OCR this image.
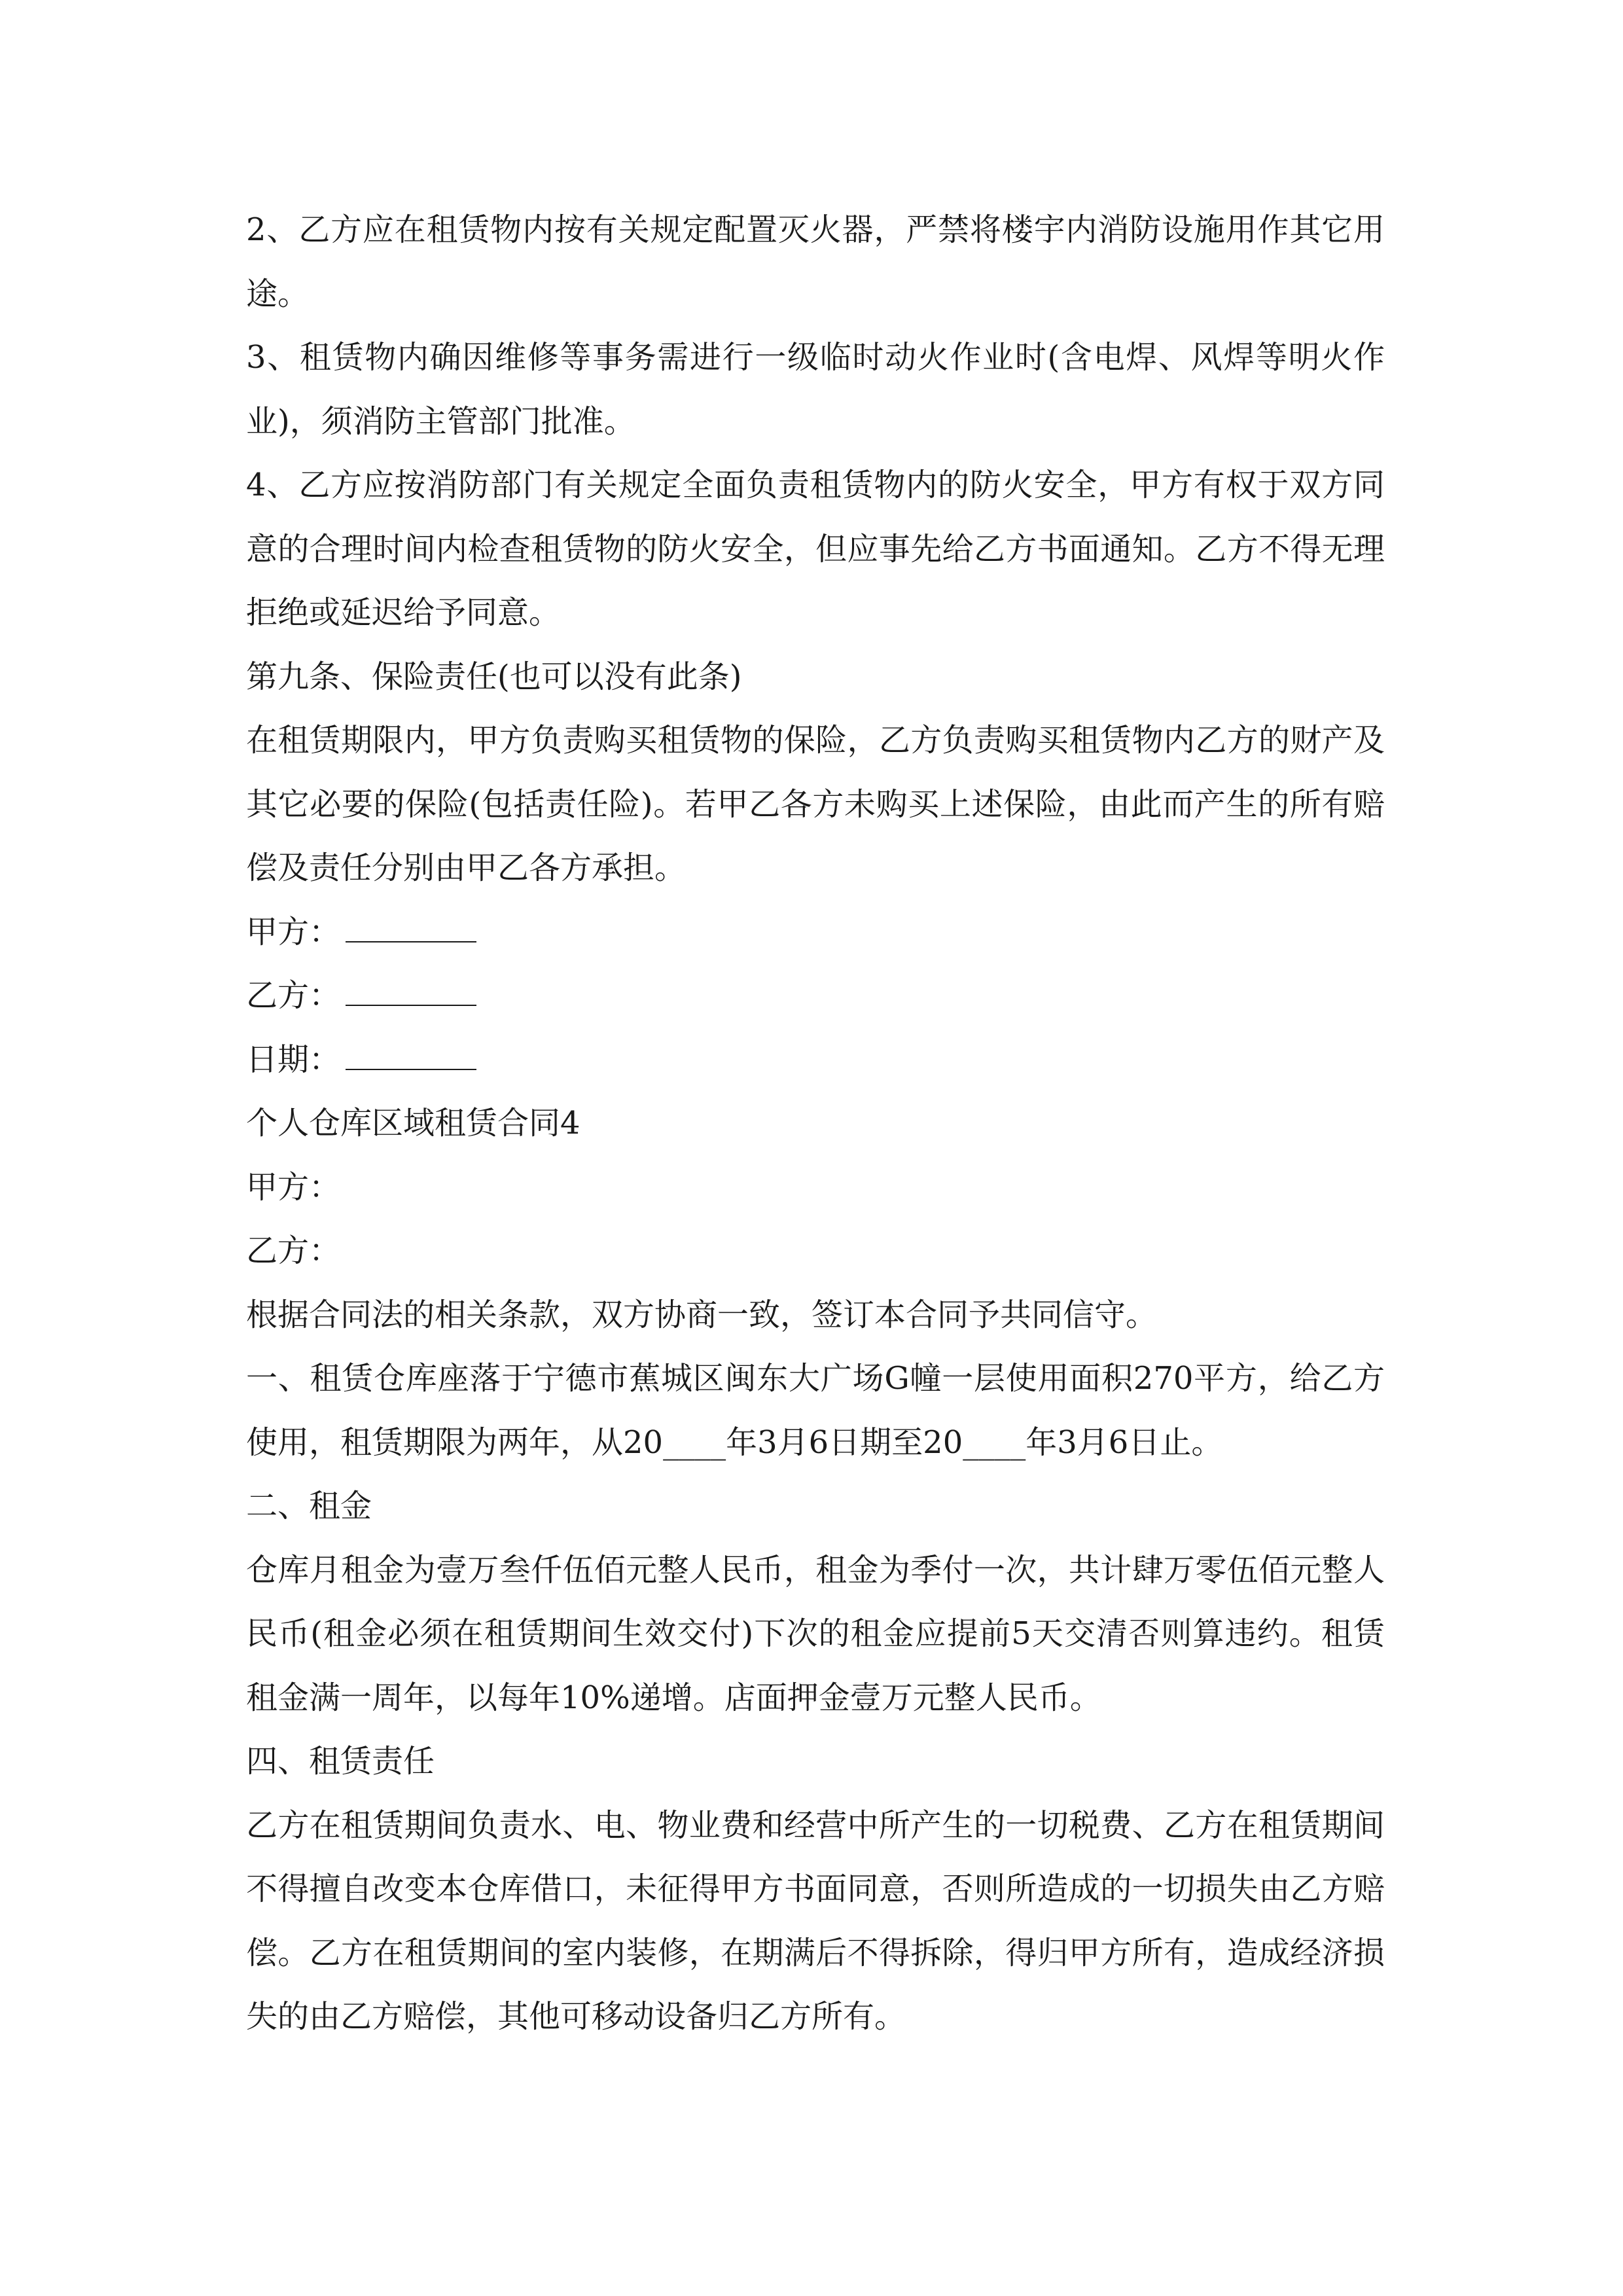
2、乙方应在租赁物内按有关规定配置灭火器，严禁将楼宇内消防设施用作其它用途。

3、租赁物内确因维修等事务需进行一级临时动火作业时(含电焊、风焊等明火作业)，须消防主管部门批准。

4、乙方应按消防部门有关规定全面负责租赁物内的防火安全，甲方有权于双方同意的合理时间内检查租赁物的防火安全，但应事先给乙方书面通知。乙方不得无理拒绝或延迟给予同意。

第九条、保险责任(也可以没有此条)

在租赁期限内，甲方负责购买租赁物的保险，乙方负责购买租赁物内乙方的财产及其它必要的保险(包括责任险)。若甲乙各方未购买上述保险，由此而产生的所有赔偿及责任分别由甲乙各方承担。

甲方：

乙方：

日期：

个人仓库区域租赁合同4

甲方：

乙方：

根据合同法的相关条款，双方协商一致，签订本合同予共同信守。

一、租赁仓库座落于宁德市蕉城区闽东大广场G幢一层使用面积270平方，给乙方使用，租赁期限为两年，从20____年3月6日期至20____年3月6日止。

二、租金

仓库月租金为壹万叁仟伍佰元整人民币，租金为季付一次，共计肆万零伍佰元整人民币(租金必须在租赁期间生效交付)下次的租金应提前5天交清否则算违约。租赁租金满一周年，以每年10%递增。店面押金壹万元整人民币。

四、租赁责任

乙方在租赁期间负责水、电、物业费和经营中所产生的一切税费、乙方在租赁期间不得擅自改变本仓库借口，未征得甲方书面同意，否则所造成的一切损失由乙方赔偿。乙方在租赁期间的室内装修，在期满后不得拆除，得归甲方所有，造成经济损失的由乙方赔偿，其他可移动设备归乙方所有。
